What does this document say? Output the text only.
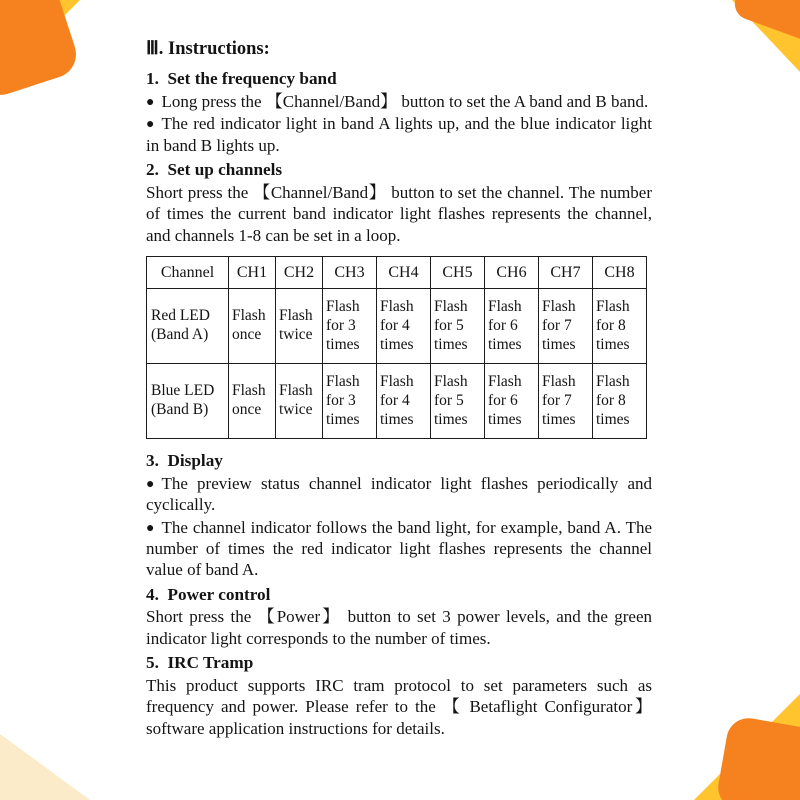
Ⅲ. Instructions:
1.  Set the frequency band

● Long press the 【Channel/Band】 button to set the A band and B band.

● The red indicator light in band A lights up, and the blue indicator light in band B lights up.

2.  Set up channels

Short press the 【Channel/Band】 button to set the channel. The number of times the current band indicator light flashes represents the channel, and channels 1-8 can be set in a loop.

Channel	CH1	CH2	CH3	CH4	CH5	CH6	CH7	CH8
Red LED (Band A)	Flash once	Flash twice	Flash for 3 times	Flash for 4 times	Flash for 5 times	Flash for 6 times	Flash for 7 times	Flash for 8 times
Blue LED (Band B)	Flash once	Flash twice	Flash for 3 times	Flash for 4 times	Flash for 5 times	Flash for 6 times	Flash for 7 times	Flash for 8 times
3.  Display

● The preview status channel indicator light flashes periodically and cyclically.

● The channel indicator follows the band light, for example, band A. The number of times the red indicator light flashes represents the channel value of band A.

4.  Power control

Short press the 【Power】 button to set 3 power levels, and the green indicator light corresponds to the number of times.

5.  IRC Tramp

This product supports IRC tram protocol to set parameters such as frequency and power. Please refer to the 【 Betaflight Configurator】 software application instructions for details.
